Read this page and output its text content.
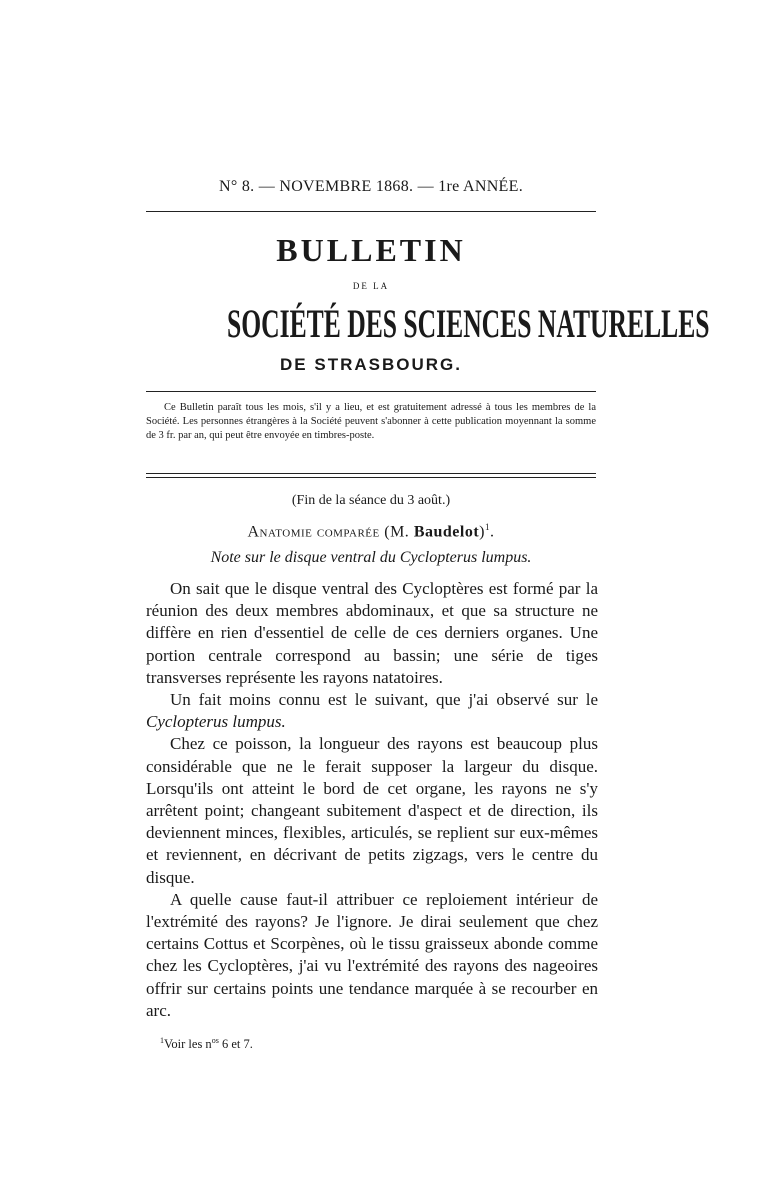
N° 8. — NOVEMBRE 1868. — 1re ANNÉE.
BULLETIN
DE LA
SOCIÉTÉ DES SCIENCES NATURELLES
DE STRASBOURG.

Ce Bulletin paraît tous les mois, s'il y a lieu, et est gratuitement adressé à tous les membres de la Société. Les personnes étrangères à la Société peuvent s'abonner à cette publication moyennant la somme de 3 fr. par an, qui peut être envoyée en timbres-poste.

(Fin de la séance du 3 août.)
Anatomie comparée (M. Baudelot)$^1$.
Note sur le disque ventral du Cyclopterus lumpus.

On sait que le disque ventral des Cycloptères est formé par la réunion des deux membres abdominaux, et que sa structure ne diffère en rien d'essentiel de celle de ces derniers organes. Une portion centrale correspond au bassin; une série de tiges transverses représente les rayons natatoires.

Un fait moins connu est le suivant, que j'ai observé sur le Cyclopterus lumpus.

Chez ce poisson, la longueur des rayons est beaucoup plus considérable que ne le ferait supposer la largeur du disque. Lorsqu'ils ont atteint le bord de cet organe, les rayons ne s'y arrêtent point; changeant subitement d'aspect et de direction, ils deviennent minces, flexibles, articulés, se replient sur eux-mêmes et reviennent, en décrivant de petits zigzags, vers le centre du disque.

A quelle cause faut-il attribuer ce reploiement intérieur de l'extrémité des rayons? Je l'ignore. Je dirai seulement que chez certains Cottus et Scorpènes, où le tissu graisseux abonde comme chez les Cycloptères, j'ai vu l'extrémité des rayons des nageoires offrir sur certains points une tendance marquée à se recourber en arc.

$^1$Voir les $n^{os}$ 6 et 7.
